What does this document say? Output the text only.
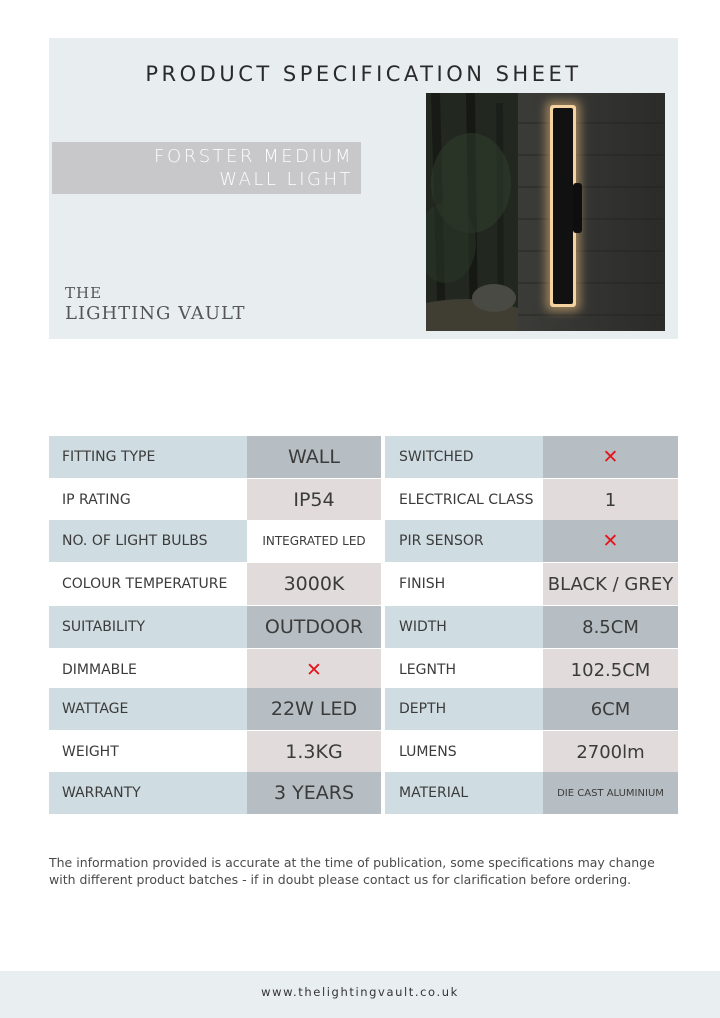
PRODUCT SPECIFICATION SHEET
FORSTER MEDIUM
WALL LIGHT
THE
LIGHTING VAULT
FITTING TYPE	WALL	SWITCHED	✕
IP RATING	IP54	ELECTRICAL CLASS	1
NO. OF LIGHT BULBS	INTEGRATED LED	PIR SENSOR	✕
COLOUR TEMPERATURE	3000K	FINISH	BLACK / GREY
SUITABILITY	OUTDOOR	WIDTH	8.5CM
DIMMABLE	✕	LEGNTH	102.5CM
WATTAGE	22W LED	DEPTH	6CM
WEIGHT	1.3KG	LUMENS	2700lm
WARRANTY	3 YEARS	MATERIAL	DIE CAST ALUMINIUM
The information provided is accurate at the time of publication, some specifications may change with different product batches - if in doubt please contact us for clarification before ordering.
www.thelightingvault.co.uk
